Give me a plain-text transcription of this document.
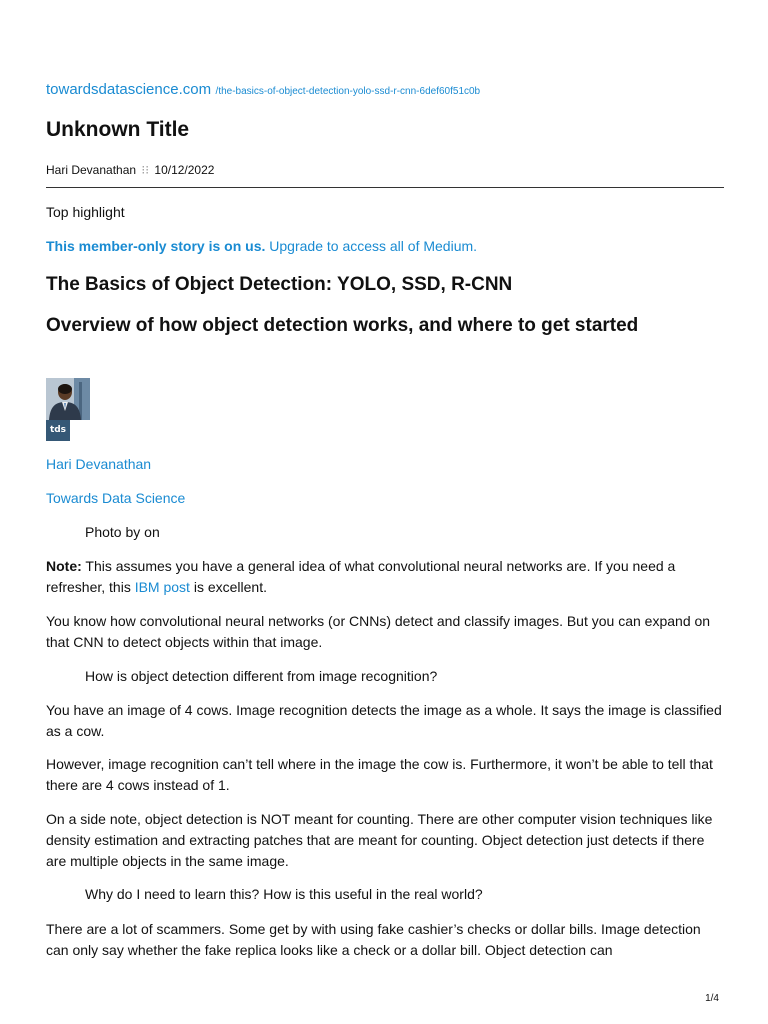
towardsdatascience.com /the-basics-of-object-detection-yolo-ssd-r-cnn-6def60f51c0b
Unknown Title
Hari Devanathan ⁝⁝ 10/12/2022

Top highlight

This member-only story is on us. Upgrade to access all of Medium.

The Basics of Object Detection: YOLO, SSD, R-CNN
Overview of how object detection works, and where to get started
tds

Hari Devanathan

Towards Data Science

Photo by on

Note: This assumes you have a general idea of what convolutional neural networks are. If you need a refresher, this IBM post is excellent.

You know how convolutional neural networks (or CNNs) detect and classify images. But you can expand on that CNN to detect objects within that image.

How is object detection different from image recognition?

You have an image of 4 cows. Image recognition detects the image as a whole. It says the image is classified as a cow.

However, image recognition can’t tell where in the image the cow is. Furthermore, it won’t be able to tell that there are 4 cows instead of 1.

On a side note, object detection is NOT meant for counting. There are other computer vision techniques like density estimation and extracting patches that are meant for counting. Object detection just detects if there are multiple objects in the same image.

Why do I need to learn this? How is this useful in the real world?

There are a lot of scammers. Some get by with using fake cashier’s checks or dollar bills. Image detection can only say whether the fake replica looks like a check or a dollar bill. Object detection can

1/4
